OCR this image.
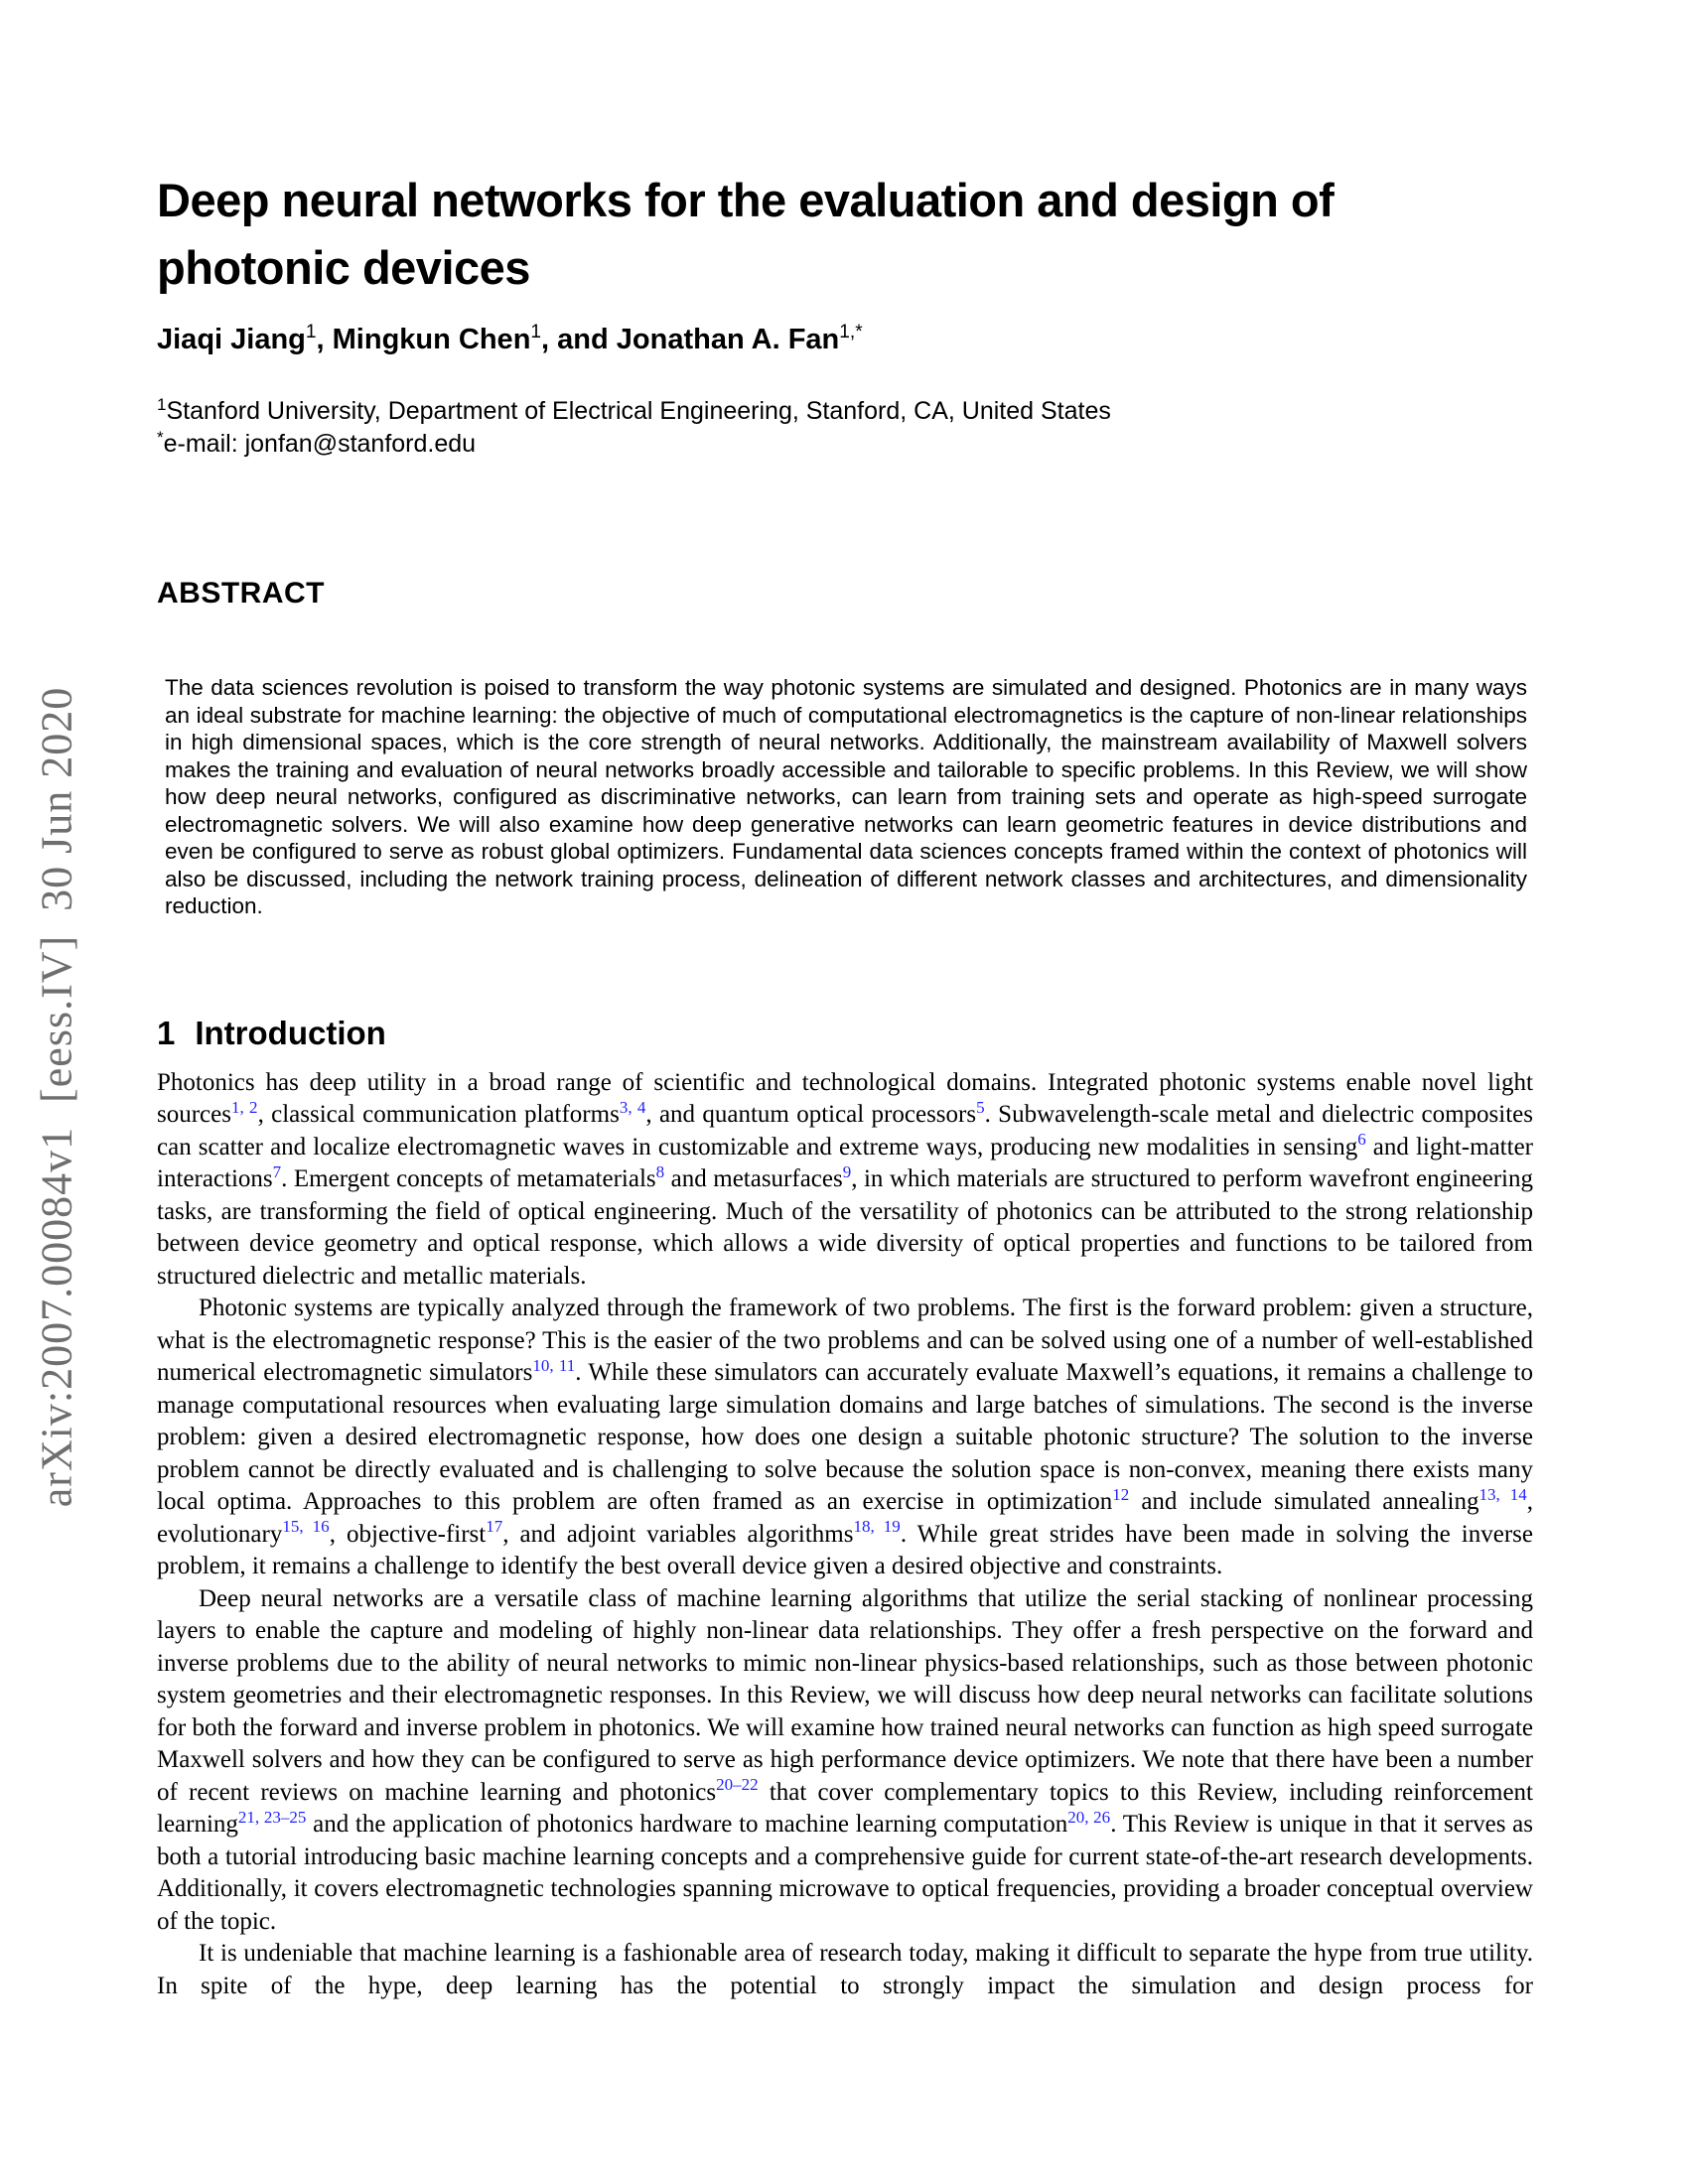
arXiv:2007.00084v1  [eess.IV]  30 Jun 2020
Deep neural networks for the evaluation and design of photonic devices
Jiaqi Jiang$^1$, Mingkun Chen$^1$, and Jonathan A. Fan$^{1,*}$
$^1$Stanford University, Department of Electrical Engineering, Stanford, CA, United States
*e-mail: jonfan@stanford.edu
ABSTRACT
The data sciences revolution is poised to transform the way photonic systems are simulated and designed. Photonics are in many ways an ideal substrate for machine learning: the objective of much of computational electromagnetics is the capture of non-linear relationships in high dimensional spaces, which is the core strength of neural networks. Additionally, the mainstream availability of Maxwell solvers makes the training and evaluation of neural networks broadly accessible and tailorable to specific problems. In this Review, we will show how deep neural networks, configured as discriminative networks, can learn from training sets and operate as high-speed surrogate electromagnetic solvers. We will also examine how deep generative networks can learn geometric features in device distributions and even be configured to serve as robust global optimizers. Fundamental data sciences concepts framed within the context of photonics will also be discussed, including the network training process, delineation of different network classes and architectures, and dimensionality reduction.
1 Introduction

Photonics has deep utility in a broad range of scientific and technological domains. Integrated photonic systems enable novel light sources$^{1, 2}$, classical communication platforms$^{3, 4}$, and quantum optical processors$^5$. Subwavelength-scale metal and dielectric composites can scatter and localize electromagnetic waves in customizable and extreme ways, producing new modalities in sensing$^6$ and light-matter interactions$^7$. Emergent concepts of metamaterials$^8$ and metasurfaces$^9$, in which materials are structured to perform wavefront engineering tasks, are transforming the field of optical engineering. Much of the versatility of photonics can be attributed to the strong relationship between device geometry and optical response, which allows a wide diversity of optical properties and functions to be tailored from structured dielectric and metallic materials.

Photonic systems are typically analyzed through the framework of two problems. The first is the forward problem: given a structure, what is the electromagnetic response? This is the easier of the two problems and can be solved using one of a number of well-established numerical electromagnetic simulators$^{10, 11}$. While these simulators can accurately evaluate Maxwell’s equations, it remains a challenge to manage computational resources when evaluating large simulation domains and large batches of simulations. The second is the inverse problem: given a desired electromagnetic response, how does one design a suitable photonic structure? The solution to the inverse problem cannot be directly evaluated and is challenging to solve because the solution space is non-convex, meaning there exists many local optima. Approaches to this problem are often framed as an exercise in optimization$^{12}$ and include simulated annealing$^{13, 14}$, evolutionary$^{15, 16}$, objective-first$^{17}$, and adjoint variables algorithms$^{18, 19}$. While great strides have been made in solving the inverse problem, it remains a challenge to identify the best overall device given a desired objective and constraints.

Deep neural networks are a versatile class of machine learning algorithms that utilize the serial stacking of nonlinear processing layers to enable the capture and modeling of highly non-linear data relationships. They offer a fresh perspective on the forward and inverse problems due to the ability of neural networks to mimic non-linear physics-based relationships, such as those between photonic system geometries and their electromagnetic responses. In this Review, we will discuss how deep neural networks can facilitate solutions for both the forward and inverse problem in photonics. We will examine how trained neural networks can function as high speed surrogate Maxwell solvers and how they can be configured to serve as high performance device optimizers. We note that there have been a number of recent reviews on machine learning and photonics$^{20-22}$ that cover complementary topics to this Review, including reinforcement learning$^{21, 23-25}$ and the application of photonics hardware to machine learning computation$^{20, 26}$. This Review is unique in that it serves as both a tutorial introducing basic machine learning concepts and a comprehensive guide for current state-of-the-art research developments. Additionally, it covers electromagnetic technologies spanning microwave to optical frequencies, providing a broader conceptual overview of the topic.

It is undeniable that machine learning is a fashionable area of research today, making it difficult to separate the hype from true utility. In spite of the hype, deep learning has the potential to strongly impact the simulation and design process for
